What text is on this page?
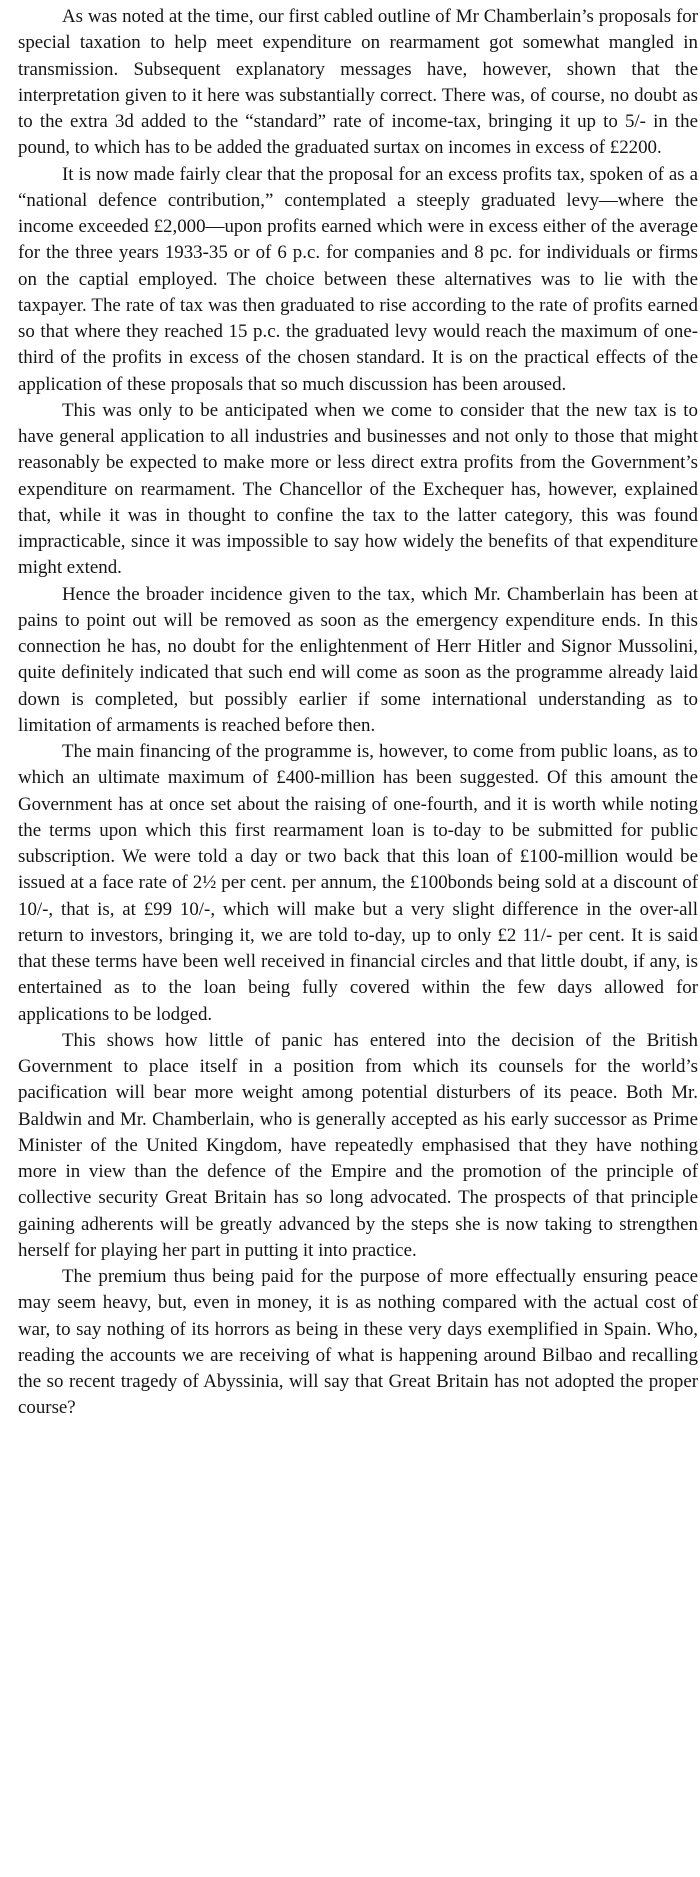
As was noted at the time, our first cabled outline of Mr Chamberlain’s proposals for special taxation to help meet expenditure on rearmament got somewhat mangled in transmission. Subsequent explanatory messages have, however, shown that the interpretation given to it here was substantially correct. There was, of course, no doubt as to the extra 3d added to the “standard” rate of income-tax, bringing it up to 5/- in the pound, to which has to be added the graduated surtax on incomes in excess of £2200.

It is now made fairly clear that the proposal for an excess profits tax, spoken of as a “national defence contribution,” contemplated a steeply graduated levy—where the income exceeded £2,000—upon profits earned which were in excess either of the average for the three years 1933-35 or of 6 p.c. for companies and 8 pc. for individuals or firms on the captial employed. The choice between these alternatives was to lie with the taxpayer. The rate of tax was then graduated to rise according to the rate of profits earned so that where they reached 15 p.c. the graduated levy would reach the maximum of one-third of the profits in excess of the chosen standard. It is on the practical effects of the application of these proposals that so much discussion has been aroused.

This was only to be anticipated when we come to consider that the new tax is to have general application to all industries and businesses and not only to those that might reasonably be expected to make more or less direct extra profits from the Government’s expenditure on rearmament. The Chancellor of the Exchequer has, however, explained that, while it was in thought to confine the tax to the latter category, this was found impracticable, since it was impossible to say how widely the benefits of that expenditure might extend.

Hence the broader incidence given to the tax, which Mr. Chamberlain has been at pains to point out will be removed as soon as the emergency expenditure ends. In this connection he has, no doubt for the enlightenment of Herr Hitler and Signor Mussolini, quite definitely indicated that such end will come as soon as the programme already laid down is completed, but possibly earlier if some international understanding as to limitation of armaments is reached before then.

The main financing of the programme is, however, to come from public loans, as to which an ultimate maximum of £400-million has been suggested. Of this amount the Government has at once set about the raising of one-fourth, and it is worth while noting the terms upon which this first rearmament loan is to-day to be submitted for public subscription. We were told a day or two back that this loan of £100-million would be issued at a face rate of 2½ per cent. per annum, the £100bonds being sold at a discount of 10/-, that is, at £99 10/-, which will make but a very slight difference in the over-all return to investors, bringing it, we are told to-day, up to only £2 11/- per cent. It is said that these terms have been well received in financial circles and that little doubt, if any, is entertained as to the loan being fully covered within the few days allowed for applications to be lodged.

This shows how little of panic has entered into the decision of the British Government to place itself in a position from which its counsels for the world’s pacification will bear more weight among potential disturbers of its peace. Both Mr. Baldwin and Mr. Chamberlain, who is generally accepted as his early successor as Prime Minister of the United Kingdom, have repeatedly emphasised that they have nothing more in view than the defence of the Empire and the promotion of the principle of collective security Great Britain has so long advocated. The prospects of that principle gaining adherents will be greatly advanced by the steps she is now taking to strengthen herself for playing her part in putting it into practice.

The premium thus being paid for the purpose of more effectually ensuring peace may seem heavy, but, even in money, it is as nothing compared with the actual cost of war, to say nothing of its horrors as being in these very days exemplified in Spain. Who, reading the accounts we are receiving of what is happening around Bilbao and recalling the so recent tragedy of Abyssinia, will say that Great Britain has not adopted the proper course?
